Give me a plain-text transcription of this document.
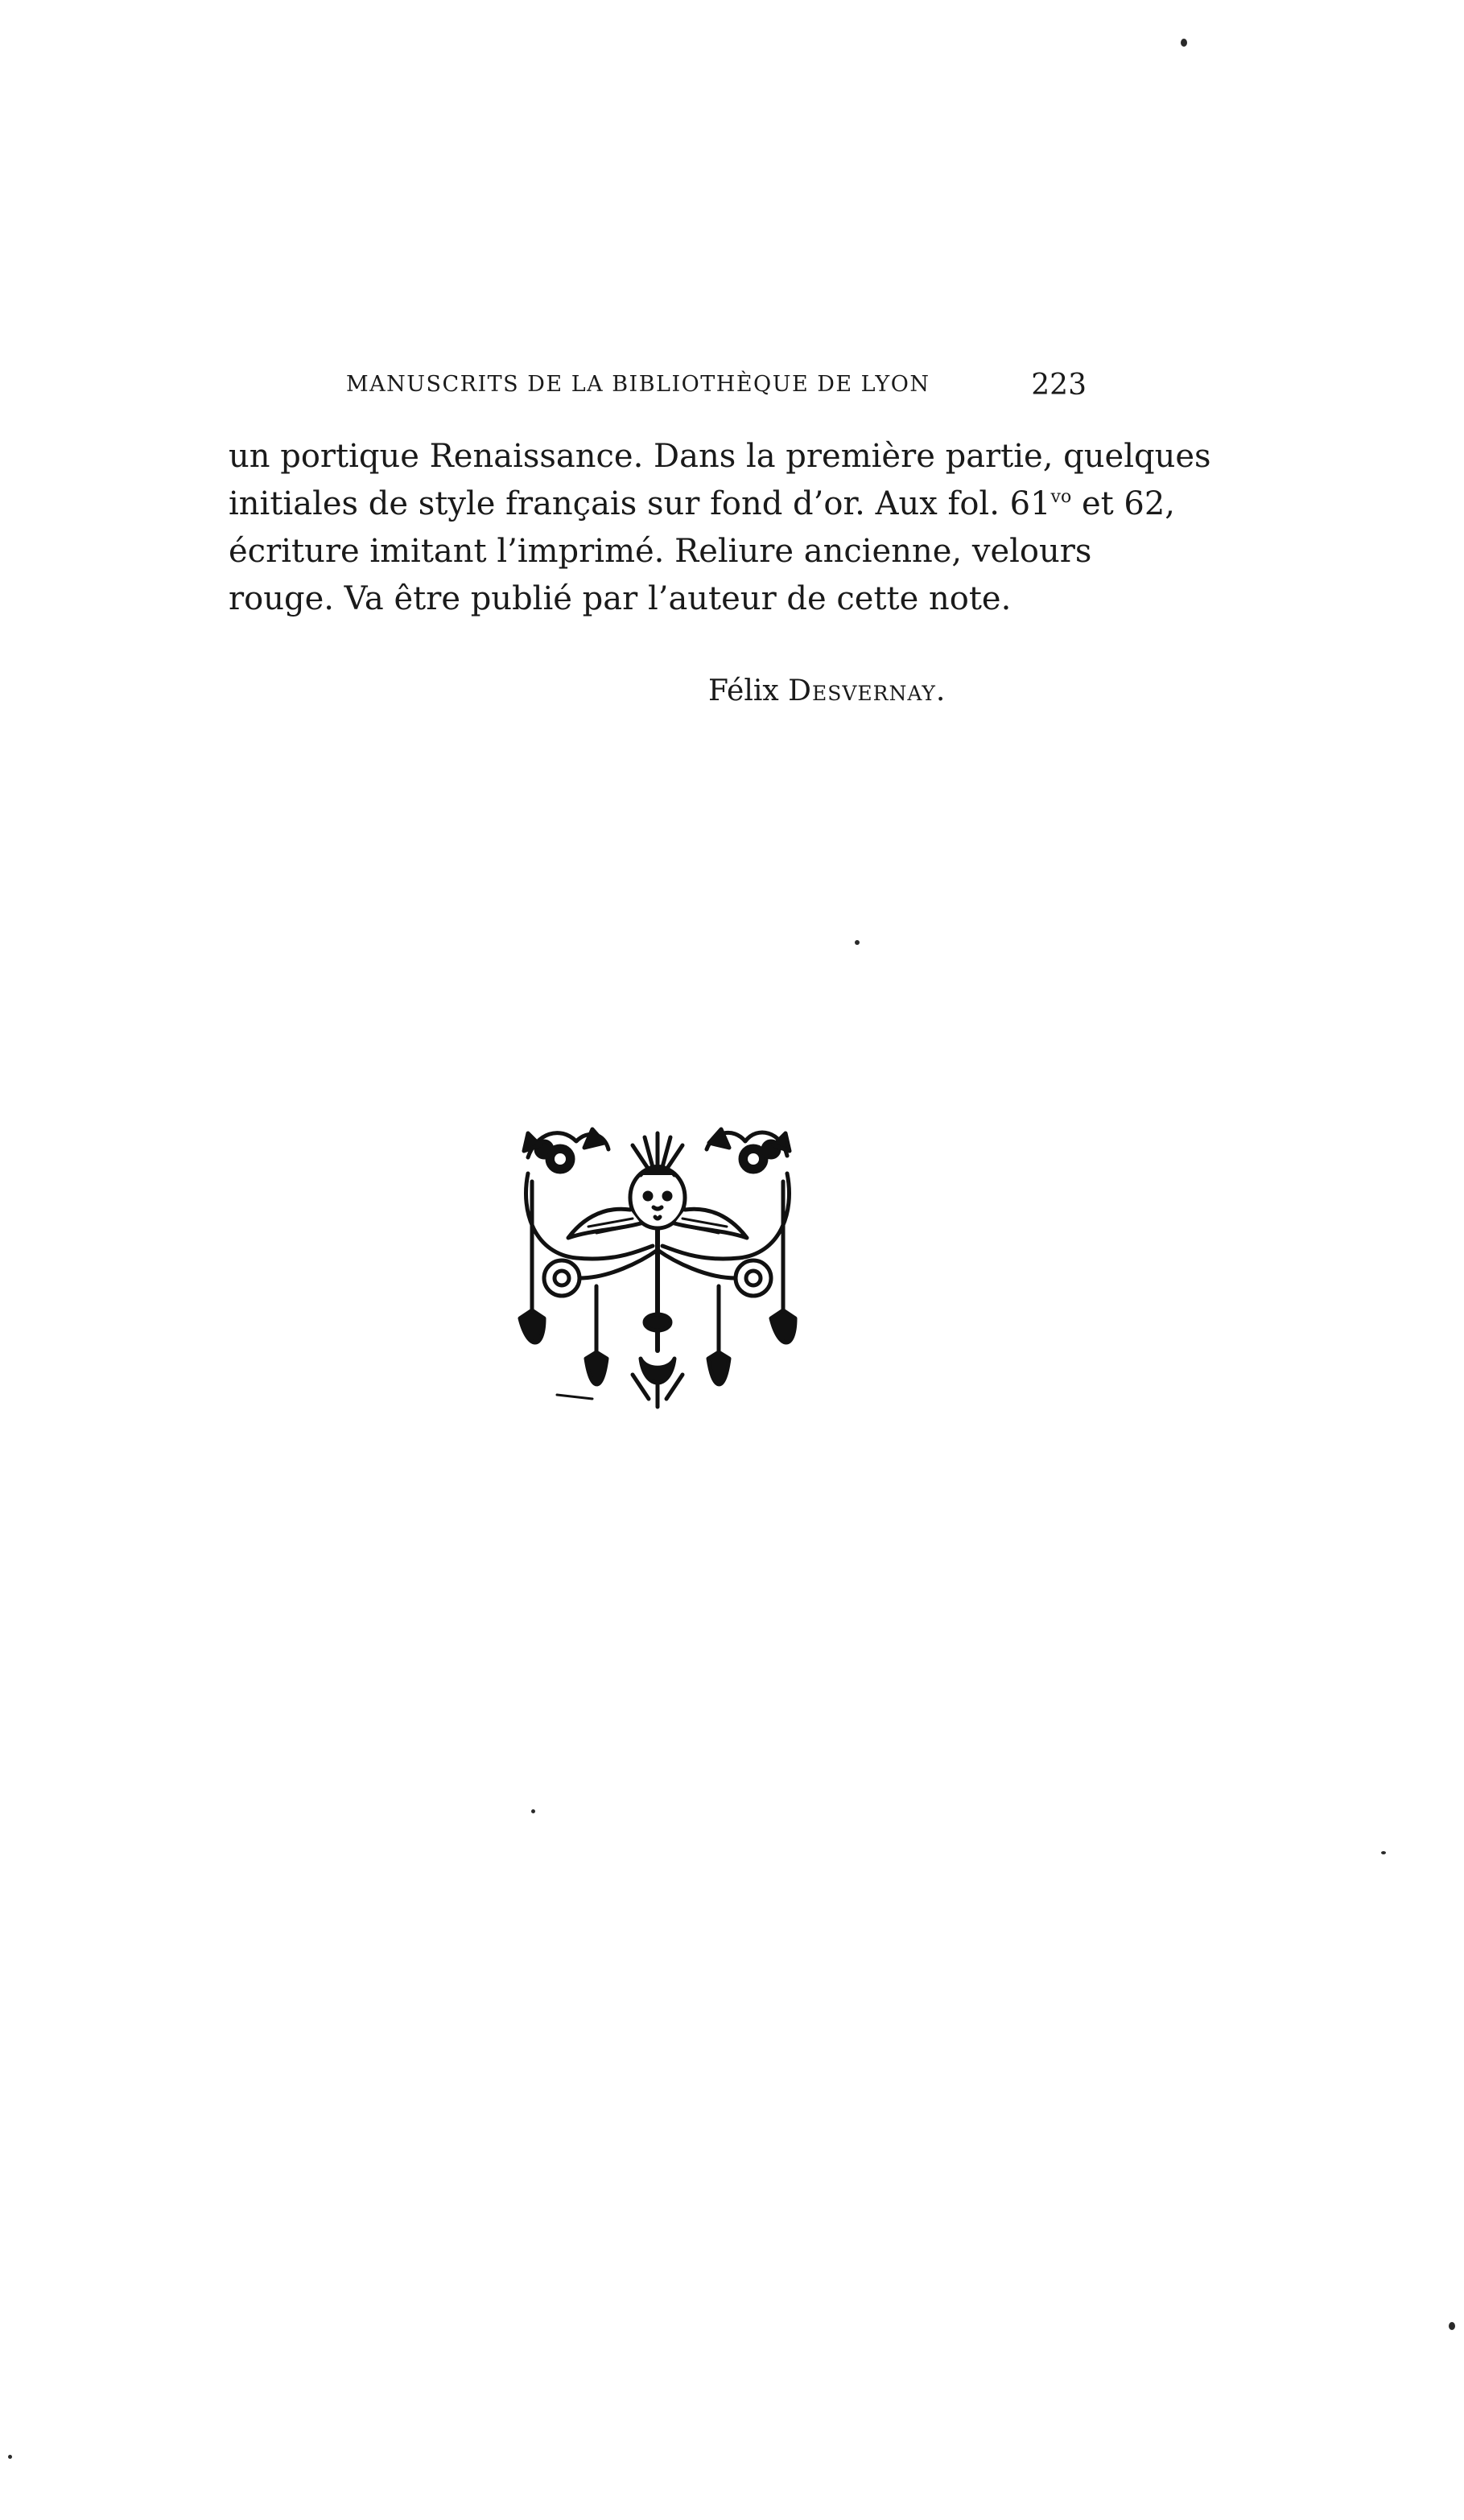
MANUSCRITS DE LA BIBLIOTHÈQUE DE LYON	223
un portique Renaissance. Dans la première partie, quelques
initiales de style français sur fond d’or. Aux fol. $61^{vo}$ et 62,
écriture imitant l’imprimé. Reliure ancienne, velours
rouge. Va être publié par l’auteur de cette note.
Félix Desvernay.
